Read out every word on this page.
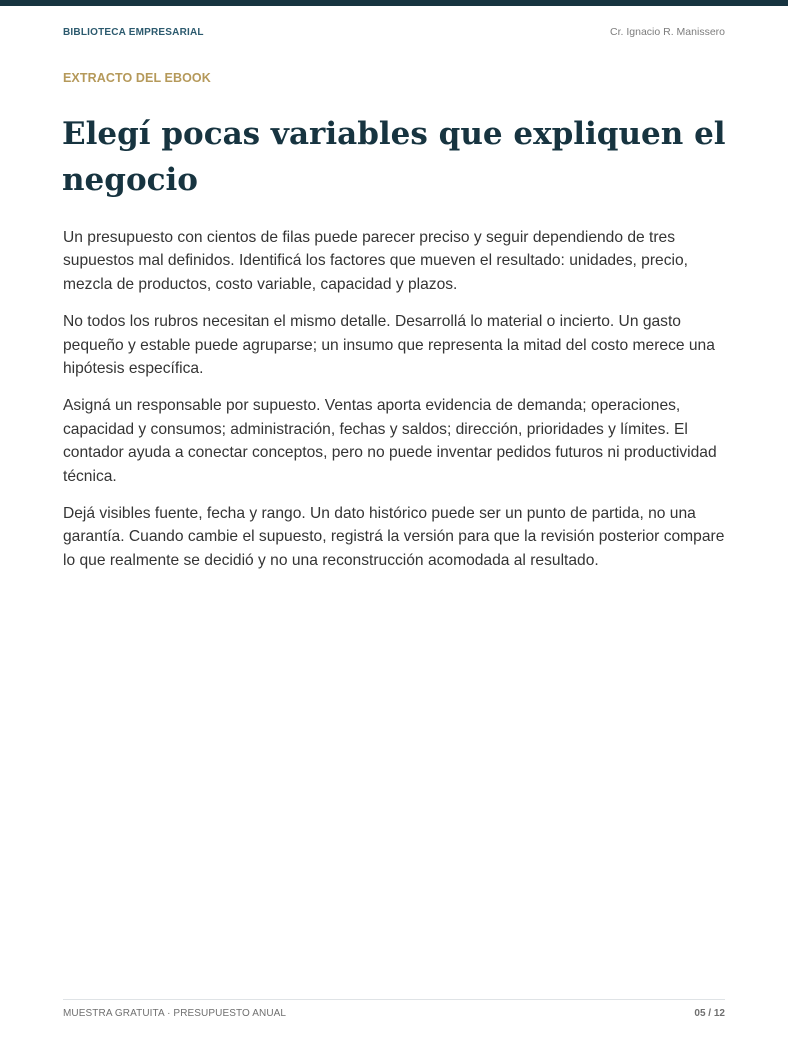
BIBLIOTECA EMPRESARIAL	Cr. Ignacio R. Manissero
EXTRACTO DEL EBOOK
Elegí pocas variables que expliquen el negocio

Un presupuesto con cientos de filas puede parecer preciso y seguir dependiendo de tres supuestos mal definidos. Identificá los factores que mueven el resultado: unidades, precio, mezcla de productos, costo variable, capacidad y plazos.

No todos los rubros necesitan el mismo detalle. Desarrollá lo material o incierto. Un gasto pequeño y estable puede agruparse; un insumo que representa la mitad del costo merece una hipótesis específica.

Asigná un responsable por supuesto. Ventas aporta evidencia de demanda; operaciones, capacidad y consumos; administración, fechas y saldos; dirección, prioridades y límites. El contador ayuda a conectar conceptos, pero no puede inventar pedidos futuros ni productividad técnica.

Dejá visibles fuente, fecha y rango. Un dato histórico puede ser un punto de partida, no una garantía. Cuando cambie el supuesto, registrá la versión para que la revisión posterior compare lo que realmente se decidió y no una reconstrucción acomodada al resultado.

MUESTRA GRATUITA · PRESUPUESTO ANUAL	05 / 12
